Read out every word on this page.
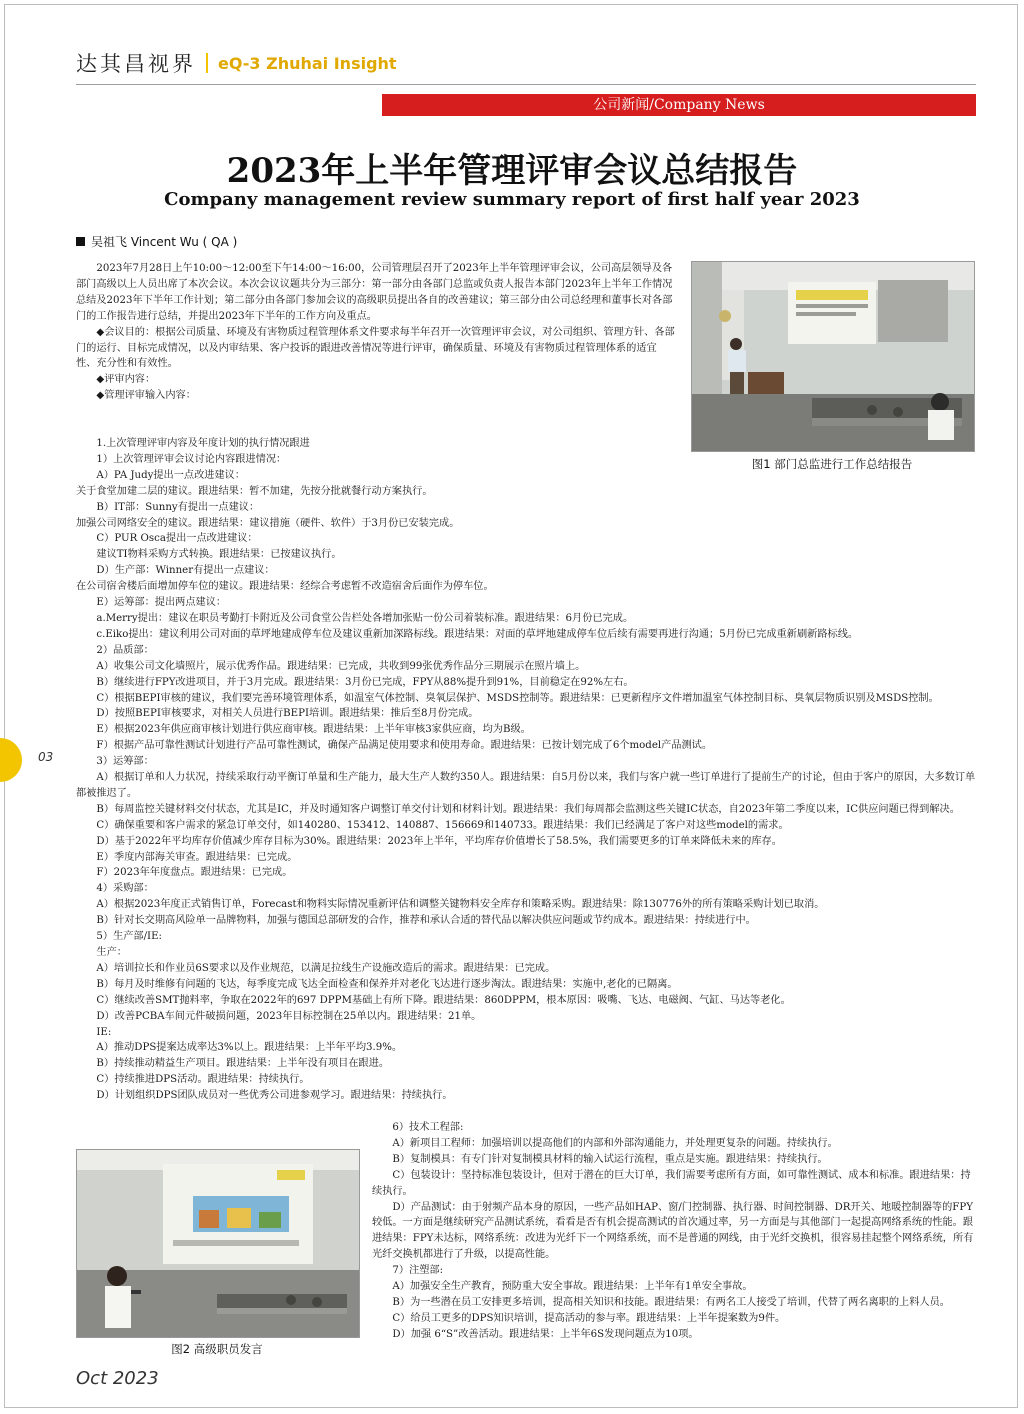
达其昌视界 eQ-3 Zhuhai Insight
公司新闻/Company News
2023年上半年管理评审会议总结报告
Company management review summary report of first half year 2023
吴祖飞 Vincent Wu ( QA )

2023年7月28日上午10:00～12:00至下午14:00～16:00，公司管理层召开了2023年上半年管理评审会议，公司高层领导及各部门高级以上人员出席了本次会议。本次会议议题共分为三部分：第一部分由各部门总监或负责人报告本部门2023年上半年工作情况总结及2023年下半年工作计划；第二部分由各部门参加会议的高级职员提出各自的改善建议；第三部分由公司总经理和董事长对各部门的工作报告进行总结，并提出2023年下半年的工作方向及重点。

◆会议目的：根据公司质量、环境及有害物质过程管理体系文件要求每半年召开一次管理评审会议，对公司组织、管理方针、各部门的运行、目标完成情况，以及内审结果、客户投诉的跟进改善情况等进行评审，确保质量、环境及有害物质过程管理体系的适宜性、充分性和有效性。

◆评审内容：

◆管理评审输入内容：

图1 部门总监进行工作总结报告

1.上次管理评审内容及年度计划的执行情况跟进

1）上次管理评审会议讨论内容跟进情况：

A）PA Judy提出一点改进建议：

关于食堂加建二层的建议。跟进结果：暂不加建，先按分批就餐行动方案执行。

B）IT部：Sunny有提出一点建议：

加强公司网络安全的建议。跟进结果：建议措施（硬件、软件）于3月份已安装完成。

C）PUR Osca提出一点改进建议：

建议TI物料采购方式转换。跟进结果：已按建议执行。

D）生产部：Winner有提出一点建议：

在公司宿舍楼后面增加停车位的建议。跟进结果：经综合考虑暂不改造宿舍后面作为停车位。

E）运筹部：提出两点建议：

a.Merry提出：建议在职员考勤打卡附近及公司食堂公告栏处各增加张贴一份公司着装标准。跟进结果：6月份已完成。

c.Eiko提出：建议利用公司对面的草坪地建成停车位及建议重新加深路标线。跟进结果：对面的草坪地建成停车位后续有需要再进行沟通；5月份已完成重新刷新路标线。

2）品质部：

A）收集公司文化墙照片，展示优秀作品。跟进结果：已完成，共收到99张优秀作品分三期展示在照片墙上。

B）继续进行FPY改进项目，并于3月完成。跟进结果：3月份已完成，FPY从88%提升到91%，目前稳定在92%左右。

C）根据BEPI审核的建议，我们要完善环境管理体系，如温室气体控制、臭氧层保护、MSDS控制等。跟进结果：已更新程序文件增加温室气体控制目标、臭氧层物质识别及MSDS控制。

D）按照BEPI审核要求，对相关人员进行BEPI培训。跟进结果：推后至8月份完成。

E）根据2023年供应商审核计划进行供应商审核。跟进结果：上半年审核3家供应商，均为B级。

F）根据产品可靠性测试计划进行产品可靠性测试，确保产品满足使用要求和使用寿命。跟进结果：已按计划完成了6个model产品测试。

3）运筹部：

A）根据订单和人力状况，持续采取行动平衡订单量和生产能力，最大生产人数约350人。跟进结果：自5月份以来，我们与客户就一些订单进行了提前生产的讨论，但由于客户的原因，大多数订单都被推迟了。

B）每周监控关键材料交付状态，尤其是IC，并及时通知客户调整订单交付计划和材料计划。跟进结果：我们每周都会监测这些关键IC状态，自2023年第二季度以来，IC供应问题已得到解决。

C）确保重要和客户需求的紧急订单交付，如140280、153412、140887、156669和140733。跟进结果：我们已经满足了客户对这些model的需求。

D）基于2022年平均库存价值减少库存目标为30%。跟进结果：2023年上半年，平均库存价值增长了58.5%，我们需要更多的订单来降低未来的库存。

E）季度内部海关审查。跟进结果：已完成。

F）2023年年度盘点。跟进结果：已完成。

4）采购部：

A）根据2023年度正式销售订单，Forecast和物料实际情况重新评估和调整关键物料安全库存和策略采购。跟进结果：除130776外的所有策略采购计划已取消。

B）针对长交期高风险单一品牌物料，加强与德国总部研发的合作，推荐和承认合适的替代品以解决供应问题或节约成本。跟进结果：持续进行中。

5）生产部/IE:

生产：

A）培训拉长和作业员6S要求以及作业规范，以满足拉线生产设施改造后的需求。跟进结果：已完成。

B）每月及时维修有问题的飞达，每季度完成飞达全面检查和保养并对老化飞达进行逐步淘汰。跟进结果：实施中,老化的已隔离。

C）继续改善SMT抛料率，争取在2022年的697 DPPM基础上有所下降。跟进结果：860DPPM，根本原因：吸嘴、飞达、电磁阀、气缸、马达等老化。

D）改善PCBA车间元件破损问题，2023年目标控制在25单以内。跟进结果：21单。

IE:

A）推动DPS提案达成率达3%以上。跟进结果：上半年平均3.9%。

B）持续推动精益生产项目。跟进结果：上半年没有项目在跟进。

C）持续推进DPS活动。跟进结果：持续执行。

D）计划组织DPS团队成员对一些优秀公司进参观学习。跟进结果：持续执行。

图2 高级职员发言

6）技术工程部:

A）新项目工程师：加强培训以提高他们的内部和外部沟通能力，并处理更复杂的问题。持续执行。

B）复制模具：有专门针对复制模具材料的输入试运行流程，重点是实施。跟进结果：持续执行。

C）包装设计：坚持标准包装设计，但对于潜在的巨大订单，我们需要考虑所有方面，如可靠性测试、成本和标准。跟进结果：持续执行。

D）产品测试：由于射频产品本身的原因，一些产品如HAP、窗/门控制器、执行器、时间控制器、DR开关、地暖控制器等的FPY较低。一方面是继续研究产品测试系统，看看是否有机会提高测试的首次通过率，另一方面是与其他部门一起提高网络系统的性能。跟进结果：FPY未达标，网络系统：改进为光纤下一个网络系统，而不是普通的网线，由于光纤交换机，很容易挂起整个网络系统，所有光纤交换机都进行了升级，以提高性能。

7）注塑部:

A）加强安全生产教育，预防重大安全事故。跟进结果：上半年有1单安全事故。

B）为一些潜在员工安排更多培训，提高相关知识和技能。跟进结果：有两名工人接受了培训，代替了两名离职的上料人员。

C）给员工更多的DPS知识培训，提高活动的参与率。跟进结果：上半年提案数为9件。

D）加强 6“S”改善活动。跟进结果：上半年6S发现问题点为10项。

03
Oct 2023
